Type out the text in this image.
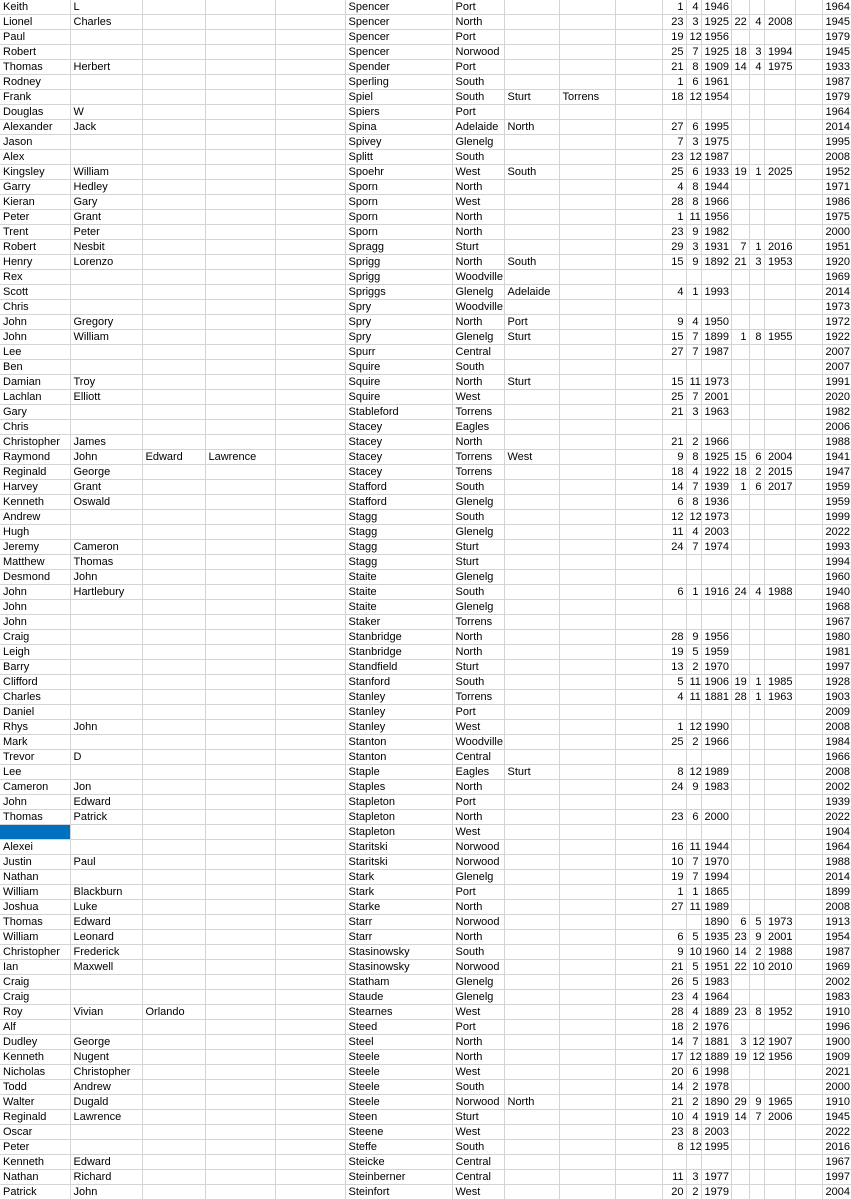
Keith	L				Spencer	Port				1	4	1946					1964
Lionel	Charles				Spencer	North				23	3	1925	22	4	2008		1945
Paul					Spencer	Port				19	12	1956					1979
Robert					Spencer	Norwood				25	7	1925	18	3	1994		1945
Thomas	Herbert				Spender	Port				21	8	1909	14	4	1975		1933
Rodney					Sperling	South				1	6	1961					1987
Frank					Spiel	South	Sturt	Torrens		18	12	1954					1979
Douglas	W				Spiers	Port											1964
Alexander	Jack				Spina	Adelaide	North			27	6	1995					2014
Jason					Spivey	Glenelg				7	3	1975					1995
Alex					Splitt	South				23	12	1987					2008
Kingsley	William				Spoehr	West	South			25	6	1933	19	1	2025		1952
Garry	Hedley				Sporn	North				4	8	1944					1971
Kieran	Gary				Sporn	West				28	8	1966					1986
Peter	Grant				Sporn	North				1	11	1956					1975
Trent	Peter				Sporn	North				23	9	1982					2000
Robert	Nesbit				Spragg	Sturt				29	3	1931	7	1	2016		1951
Henry	Lorenzo				Sprigg	North	South			15	9	1892	21	3	1953		1920
Rex					Sprigg	Woodville											1969
Scott					Spriggs	Glenelg	Adelaide			4	1	1993					2014
Chris					Spry	Woodville											1973
John	Gregory				Spry	North	Port			9	4	1950					1972
John	William				Spry	Glenelg	Sturt			15	7	1899	1	8	1955		1922
Lee					Spurr	Central				27	7	1987					2007
Ben					Squire	South											2007
Damian	Troy				Squire	North	Sturt			15	11	1973					1991
Lachlan	Elliott				Squire	West				25	7	2001					2020
Gary					Stableford	Torrens				21	3	1963					1982
Chris					Stacey	Eagles											2006
Christopher	James				Stacey	North				21	2	1966					1988
Raymond	John	Edward	Lawrence		Stacey	Torrens	West			9	8	1925	15	6	2004		1941
Reginald	George				Stacey	Torrens				18	4	1922	18	2	2015		1947
Harvey	Grant				Stafford	South				14	7	1939	1	6	2017		1959
Kenneth	Oswald				Stafford	Glenelg				6	8	1936					1959
Andrew					Stagg	South				12	12	1973					1999
Hugh					Stagg	Glenelg				11	4	2003					2022
Jeremy	Cameron				Stagg	Sturt				24	7	1974					1993
Matthew	Thomas				Stagg	Sturt											1994
Desmond	John				Staite	Glenelg											1960
John	Hartlebury				Staite	South				6	1	1916	24	4	1988		1940
John					Staite	Glenelg											1968
John					Staker	Torrens											1967
Craig					Stanbridge	North				28	9	1956					1980
Leigh					Stanbridge	North				19	5	1959					1981
Barry					Standfield	Sturt				13	2	1970					1997
Clifford					Stanford	South				5	11	1906	19	1	1985		1928
Charles					Stanley	Torrens				4	11	1881	28	1	1963		1903
Daniel					Stanley	Port											2009
Rhys	John				Stanley	West				1	12	1990					2008
Mark					Stanton	Woodville				25	2	1966					1984
Trevor	D				Stanton	Central											1966
Lee					Staple	Eagles	Sturt			8	12	1989					2008
Cameron	Jon				Staples	North				24	9	1983					2002
John	Edward				Stapleton	Port											1939
Thomas	Patrick				Stapleton	North				23	6	2000					2022
					Stapleton	West											1904
Alexei					Staritski	Norwood				16	11	1944					1964
Justin	Paul				Staritski	Norwood				10	7	1970					1988
Nathan					Stark	Glenelg				19	7	1994					2014
William	Blackburn				Stark	Port				1	1	1865					1899
Joshua	Luke				Starke	North				27	11	1989					2008
Thomas	Edward				Starr	Norwood						1890	6	5	1973		1913
William	Leonard				Starr	North				6	5	1935	23	9	2001		1954
Christopher	Frederick				Stasinowsky	South				9	10	1960	14	2	1988		1987
Ian	Maxwell				Stasinowsky	Norwood				21	5	1951	22	10	2010		1969
Craig					Statham	Glenelg				26	5	1983					2002
Craig					Staude	Glenelg				23	4	1964					1983
Roy	Vivian	Orlando			Stearnes	West				28	4	1889	23	8	1952		1910
Alf					Steed	Port				18	2	1976					1996
Dudley	George				Steel	North				14	7	1881	3	12	1907		1900
Kenneth	Nugent				Steele	North				17	12	1889	19	12	1956		1909
Nicholas	Christopher				Steele	West				20	6	1998					2021
Todd	Andrew				Steele	South				14	2	1978					2000
Walter	Dugald				Steele	Norwood	North			21	2	1890	29	9	1965		1910
Reginald	Lawrence				Steen	Sturt				10	4	1919	14	7	2006		1945
Oscar					Steene	West				23	8	2003					2022
Peter					Steffe	South				8	12	1995					2016
Kenneth	Edward				Steicke	Central											1967
Nathan	Richard				Steinberner	Central				11	3	1977					1997
Patrick	John				Steinfort	West				20	2	1979					2004
